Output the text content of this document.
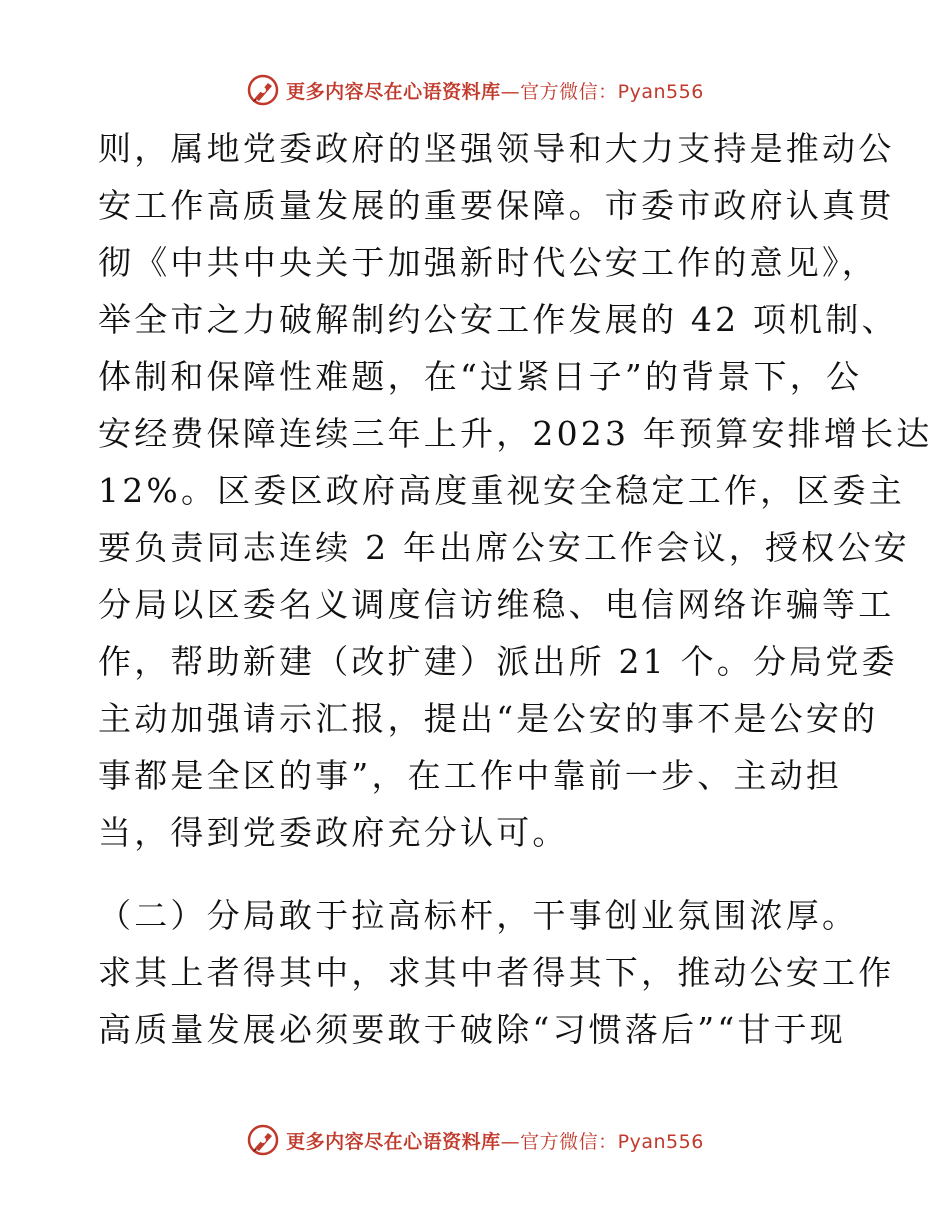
更多内容尽在心语资料库—官方微信：Pyan556
则，属地党委政府的坚强领导和大力支持是推动公
安工作高质量发展的重要保障。市委市政府认真贯
彻《中共中央关于加强新时代公安工作的意见》，
举全市之力破解制约公安工作发展的 42 项机制、
体制和保障性难题，在“过紧日子”的背景下，公
安经费保障连续三年上升，2023 年预算安排增长达
12%。区委区政府高度重视安全稳定工作，区委主
要负责同志连续 2 年出席公安工作会议，授权公安
分局以区委名义调度信访维稳、电信网络诈骗等工
作，帮助新建（改扩建）派出所 21 个。分局党委
主动加强请示汇报，提出“是公安的事不是公安的
事都是全区的事”，在工作中靠前一步、主动担
当，得到党委政府充分认可。
（二）分局敢于拉高标杆，干事创业氛围浓厚。
求其上者得其中，求其中者得其下，推动公安工作
高质量发展必须要敢于破除“习惯落后”“甘于现
更多内容尽在心语资料库—官方微信：Pyan556
